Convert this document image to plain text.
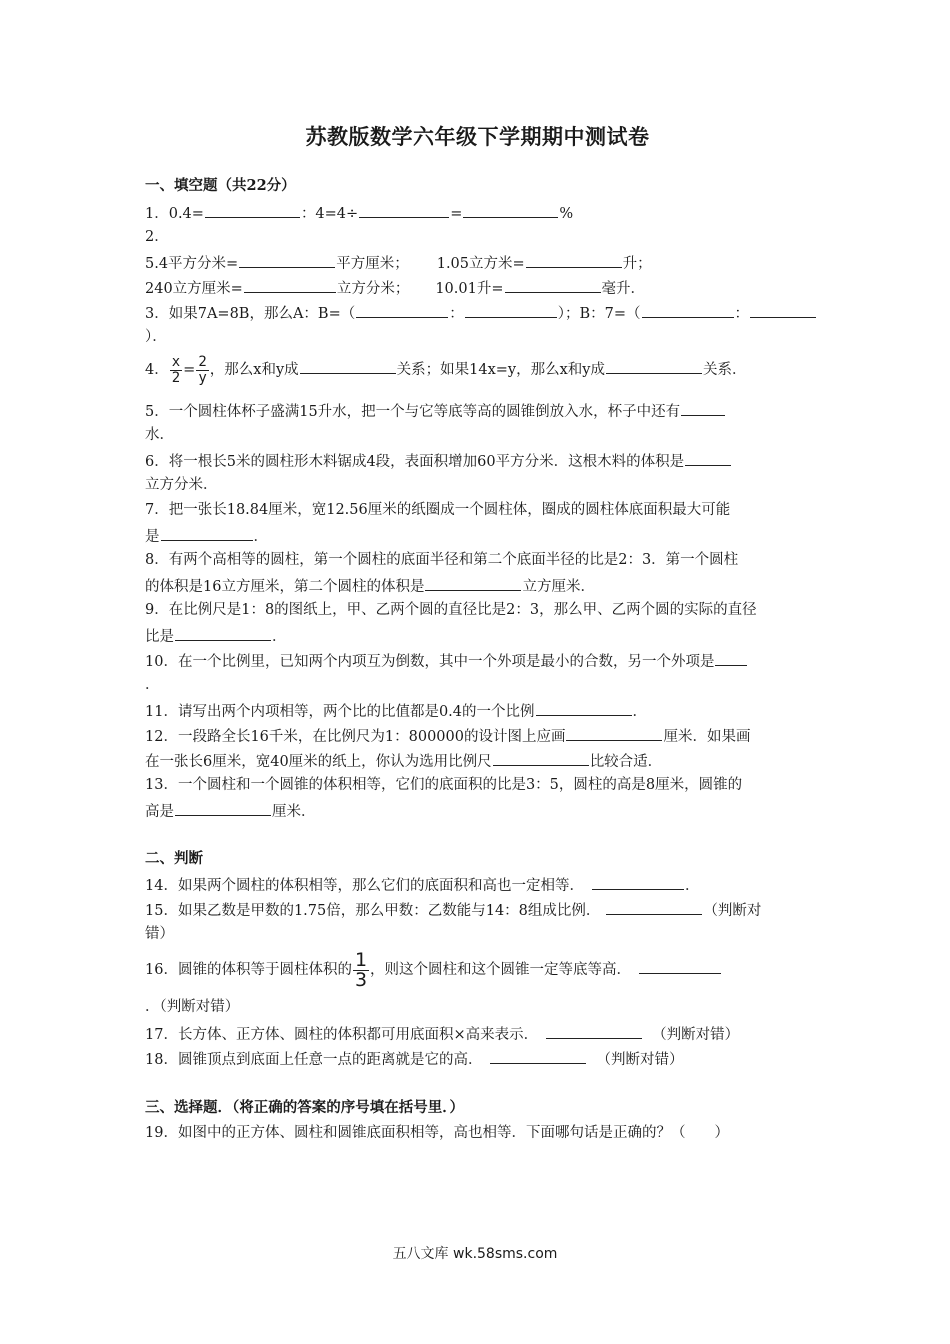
苏教版数学六年级下学期期中测试卷
一、填空题（共22分）
1．0.4=	：4=4÷	=	%
2．
5.4平方分米=	平方厘米； 1.05立方米=	升；
240立方厘米=	立方分米； 10.01升=	毫升．
3．如果7A=8B，那么A：B=（	：	）；B：7=（	：
）．
4． $\frac{x}{2} = \frac{2}{y}$ ，那么x和y成	关系；如果14x=y，那么x和y成	关系．
5．一个圆柱体杯子盛满15升水，把一个与它等底等高的圆锥倒放入水，杯子中还有
水．
6．将一根长5米的圆柱形木料锯成4段，表面积增加60平方分米．这根木料的体积是
立方分米．
7．把一张长18.84厘米，宽12.56厘米的纸圈成一个圆柱体，圈成的圆柱体底面积最大可能
是	．
8．有两个高相等的圆柱，第一个圆柱的底面半径和第二个底面半径的比是2：3．第一个圆柱
的体积是16立方厘米，第二个圆柱的体积是	立方厘米．
9．在比例尺是1：8的图纸上，甲、乙两个圆的直径比是2：3，那么甲、乙两个圆的实际的直径
比是	．
10．在一个比例里，已知两个内项互为倒数，其中一个外项是最小的合数，另一个外项是
．
11．请写出两个内项相等，两个比的比值都是0.4的一个比例	．
12．一段路全长16千米，在比例尺为1：800000的设计图上应画	厘米．如果画
在一张长6厘米，宽40厘米的纸上，你认为选用比例尺	比较合适．
13．一个圆柱和一个圆锥的体积相等，它们的底面积的比是3：5，圆柱的高是8厘米，圆锥的
高是	厘米．
二、判断
14．如果两个圆柱的体积相等，那么它们的底面积和高也一定相等．	．
15．如果乙数是甲数的1.75倍，那么甲数：乙数能与14：8组成比例．	（判断对
错）
16．圆锥的体积等于圆柱体积的 $\frac{1}{3}$ ，则这个圆柱和这个圆锥一定等底等高．
．（判断对错）
17．长方体、正方体、圆柱的体积都可用底面积×高来表示．	（判断对错）
18．圆锥顶点到底面上任意一点的距离就是它的高．	（判断对错）
三、选择题．（将正确的答案的序号填在括号里．）
19．如图中的正方体、圆柱和圆锥底面积相等，高也相等．下面哪句话是正确的？（　　）
五八文库 wk.58sms.com
